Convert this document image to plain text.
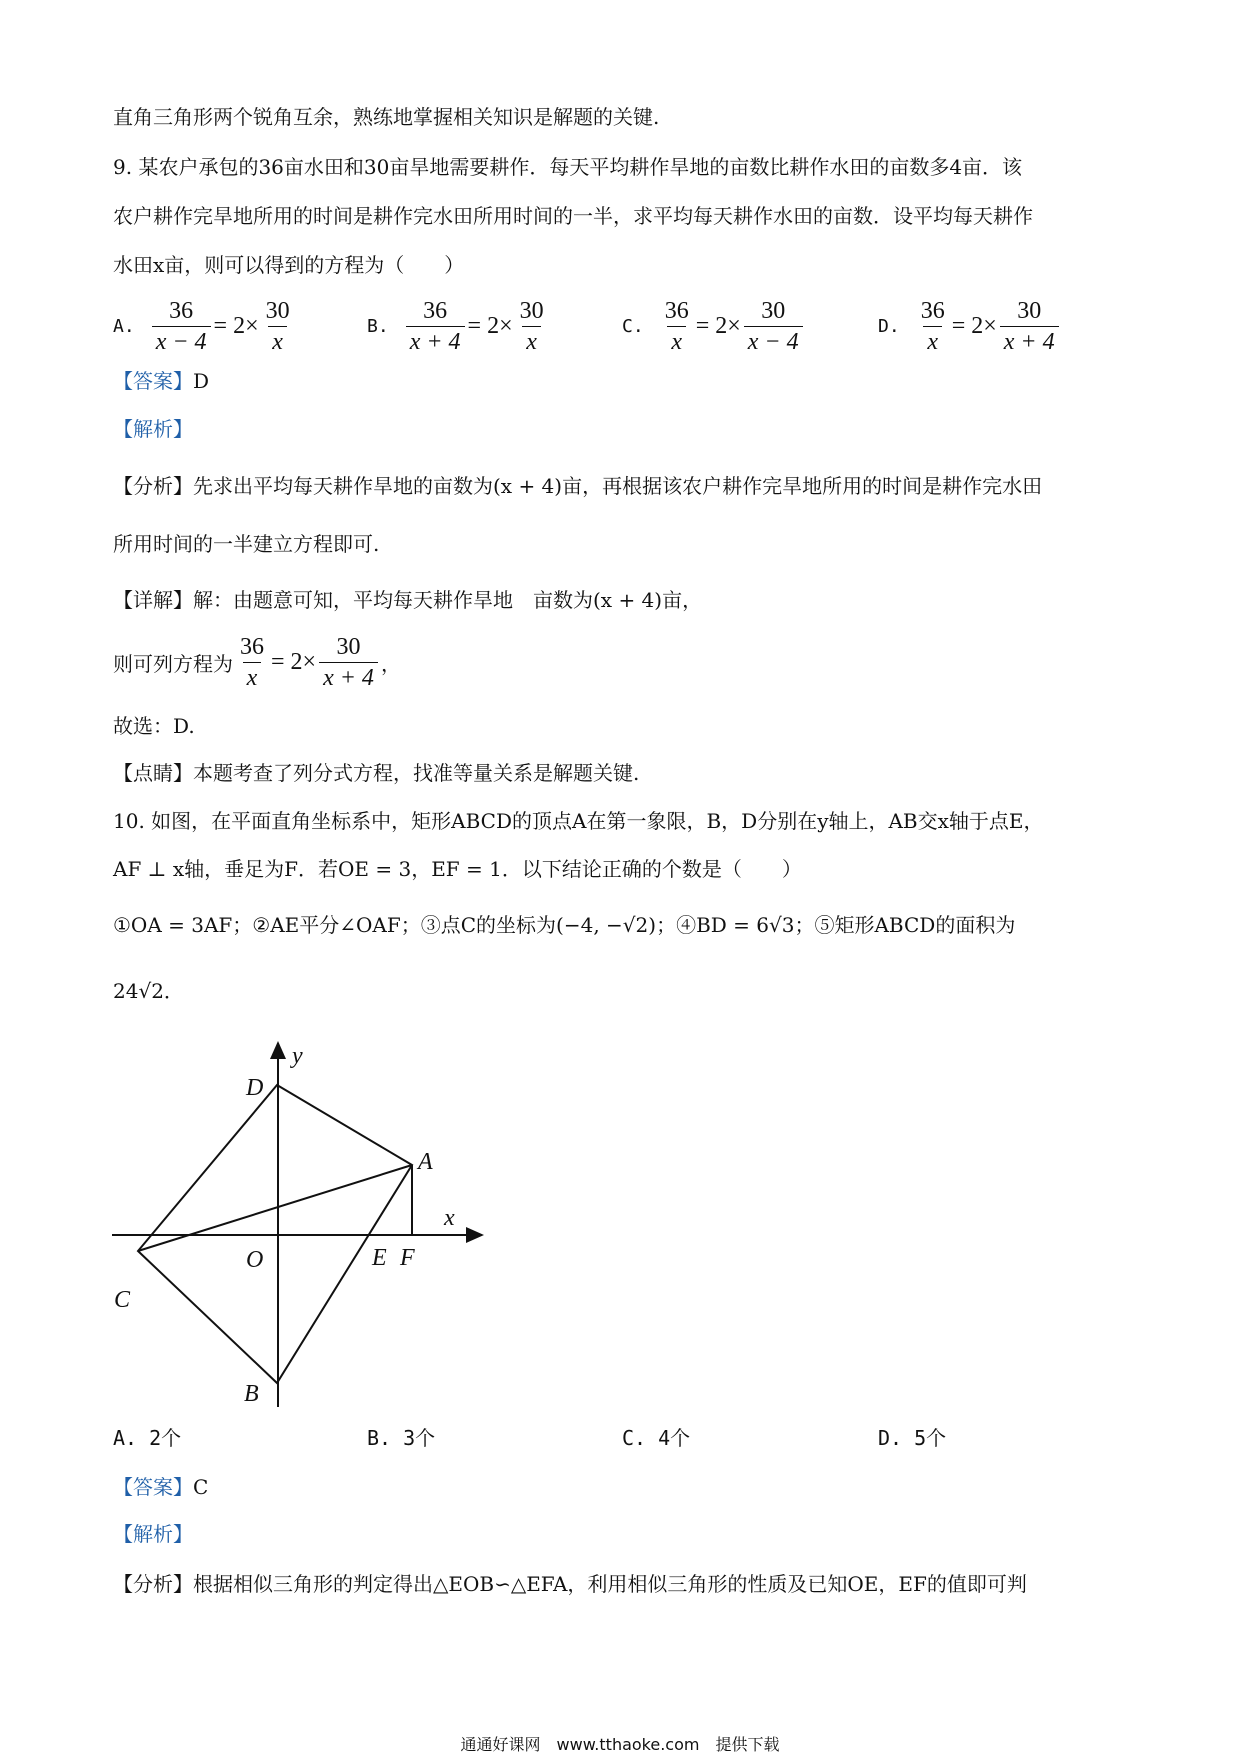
直角三角形两个锐角互余，熟练地掌握相关知识是解题的关键.
9. 某农户承包的36亩水田和30亩旱地需要耕作．每天平均耕作旱地的亩数比耕作水田的亩数多4亩．该
农户耕作完旱地所用的时间是耕作完水田所用时间的一半，求平均每天耕作水田的亩数．设平均每天耕作
水田x亩，则可以得到的方程为（　　）
A. $\frac{36}{x - 4} = 2\times \frac{30}{x}$	B. $\frac{36}{x + 4} = 2\times \frac{30}{x}$	C. $\frac{36}{x} = 2\times \frac{30}{x - 4}$	D. $\frac{36}{x} = 2\times \frac{30}{x + 4}$
【答案】D
【解析】
【分析】先求出平均每天耕作旱地的亩数为(x + 4)亩，再根据该农户耕作完旱地所用的时间是耕作完水田
所用时间的一半建立方程即可.
【详解】解：由题意可知，平均每天耕作旱地　亩数为(x + 4)亩，
则可列方程为 $\frac{36}{x} = 2\times \frac{30}{x + 4}$ ，
故选：D.
【点睛】本题考查了列分式方程，找准等量关系是解题关键.
10. 如图，在平面直角坐标系中，矩形ABCD的顶点A在第一象限，B，D分别在y轴上，AB交x轴于点E，
AF ⊥ x轴，垂足为F．若OE = 3，EF = 1．以下结论正确的个数是（　　）
①OA = 3AF；②AE平分∠OAF；③点C的坐标为(−4, −√2)；④BD = 6√3；⑤矩形ABCD的面积为
24√2．
y
x
D
A
O	E F
C
B
A. 2个	B. 3个	C. 4个	D. 5个
【答案】C
【解析】
【分析】根据相似三角形的判定得出△EOB∽△EFA，利用相似三角形的性质及已知OE，EF的值即可判
通通好课网　www.tthaoke.com　提供下载
